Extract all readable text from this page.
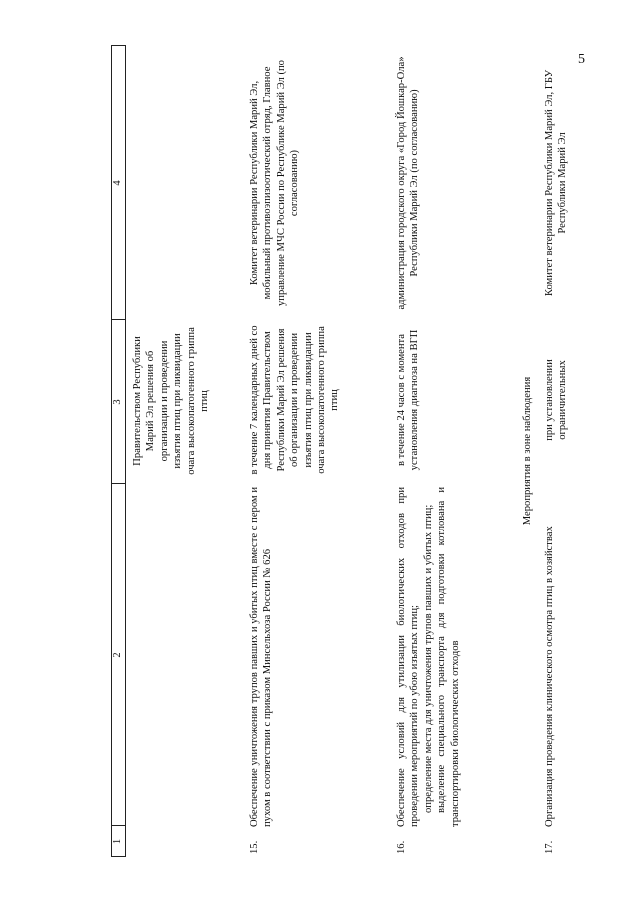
5
1
2
3
4
Правительством Республики Марий Эл решения об организации и проведении изъятия птиц при ликвидации очага высокопатогенного гриппа птиц
15.
Обеспечение уничтожения трупов павших и убитых птиц вместе с пером и пухом в соответствии с приказом Минсельхоза России № 626
в течение 7 календарных дней со дня принятия Правительством Республики Марий Эл решения об организации и проведении изъятия птиц при ликвидации очага высокопатогенного гриппа птиц
Комитет ветеринарии Республики Марий Эл, мобильный противоэпизоотический отряд, Главное управление МЧС России по Республике Марий Эл (по согласованию)
16.
Обеспечение условий для утилизации биологических отходов при проведении мероприятий по убою изъятых птиц; определение места для уничтожения трупов павших и убитых птиц; выделение специального транспорта для подготовки котлована и транспортировки биологических отходов
в течение 24 часов с момента установления диагноза на ВГП
администрация городского округа «Город Йошкар-Ола» Республики Марий Эл (по согласованию)
Мероприятия в зоне наблюдения
17.
Организация проведения клинического осмотра птиц в хозяйствах
при установлении ограничительных
Комитет ветеринарии Республики Марий Эл, ГБУ Республики Марий Эл
